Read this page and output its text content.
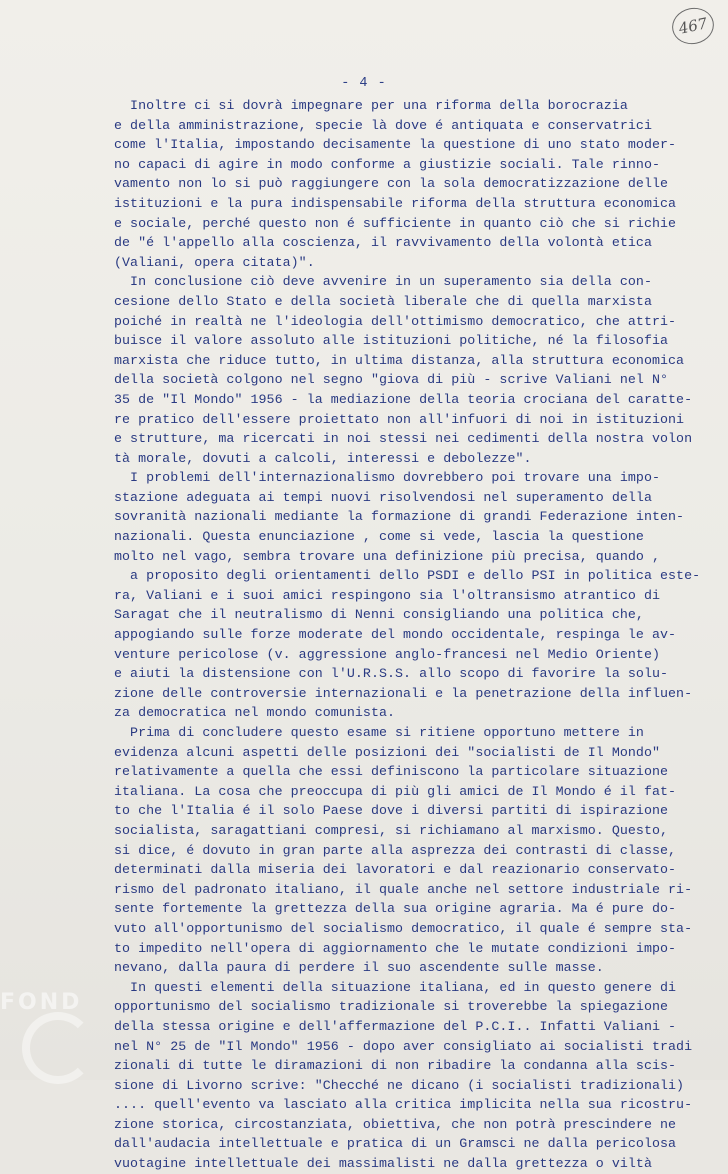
467
- 4 -
Inoltre ci si dovrà impegnare per una riforma della borocrazia
e della amministrazione, specie là dove é antiquata e conservatrici
come l'Italia, impostando decisamente la questione di uno stato moder-
no capaci di agire in modo conforme a giustizie sociali. Tale rinno-
vamento non lo si può raggiungere con la sola democratizzazione delle
istituzioni e la pura indispensabile riforma della struttura economica
e sociale, perché questo non é sufficiente in quanto ciò che si richie
de "é l'appello alla coscienza, il ravvivamento della volontà etica
(Valiani, opera citata)".
In conclusione ciò deve avvenire in un superamento sia della con-
cesione dello Stato e della società liberale che di quella marxista
poiché in realtà ne l'ideologia dell'ottimismo democratico, che attri-
buisce il valore assoluto alle istituzioni politiche, né la filosofia
marxista che riduce tutto, in ultima distanza, alla struttura economica
della società colgono nel segno "giova di più - scrive Valiani nel N°
35 de "Il Mondo" 1956 - la mediazione della teoria crociana del caratte-
re pratico dell'essere proiettato non all'infuori di noi in istituzioni
e strutture, ma ricercati in noi stessi nei cedimenti della nostra volon
tà morale, dovuti a calcoli, interessi e debolezze".
I problemi dell'internazionalismo dovrebbero poi trovare una impo-
stazione adeguata ai tempi nuovi risolvendosi nel superamento della
sovranità nazionali mediante la formazione di grandi Federazione inten-
nazionali. Questa enunciazione , come si vede, lascia la questione
molto nel vago, sembra trovare una definizione più precisa, quando ,
a proposito degli orientamenti dello PSDI e dello PSI in politica este-
ra, Valiani e i suoi amici respingono sia l'oltransismo atrantico di
Saragat che il neutralismo di Nenni consigliando una politica che,
appogiando sulle forze moderate del mondo occidentale, respinga le av-
venture pericolose (v. aggressione anglo-francesi nel Medio Oriente)
e aiuti la distensione con l'U.R.S.S. allo scopo di favorire la solu-
zione delle controversie internazionali e la penetrazione della influen-
za democratica nel mondo comunista.
Prima di concludere questo esame si ritiene opportuno mettere in
evidenza alcuni aspetti delle posizioni dei "socialisti de Il Mondo"
relativamente a quella che essi definiscono la particolare situazione
italiana. La cosa che preoccupa di più gli amici de Il Mondo é il fat-
to che l'Italia é il solo Paese dove i diversi partiti di ispirazione
socialista, saragattiani compresi, si richiamano al marxismo. Questo,
si dice, é dovuto in gran parte alla asprezza dei contrasti di classe,
determinati dalla miseria dei lavoratori e dal reazionario conservato-
rismo del padronato italiano, il quale anche nel settore industriale ri-
sente fortemente la grettezza della sua origine agraria. Ma é pure do-
vuto all'opportunismo del socialismo democratico, il quale é sempre sta-
to impedito nell'opera di aggiornamento che le mutate condizioni impo-
nevano, dalla paura di perdere il suo ascendente sulle masse.
In questi elementi della situazione italiana, ed in questo genere di
opportunismo del socialismo tradizionale si troverebbe la spiegazione
della stessa origine e dell'affermazione del P.C.I.. Infatti Valiani -
nel N° 25 de "Il Mondo" 1956 - dopo aver consigliato ai socialisti tradi
zionali di tutte le diramazioni di non ribadire la condanna alla scis-
sione di Livorno scrive: "Checché ne dicano (i socialisti tradizionali)
.... quell'evento va lasciato alla critica implicita nella sua ricostru-
zione storica, circostanziata, obiettiva, che non potrà prescindere ne
dall'audacia intellettuale e pratica di un Gramsci ne dalla pericolosa
vuotagine intellettuale dei massimalisti ne dalla grettezza o viltà
FOND
